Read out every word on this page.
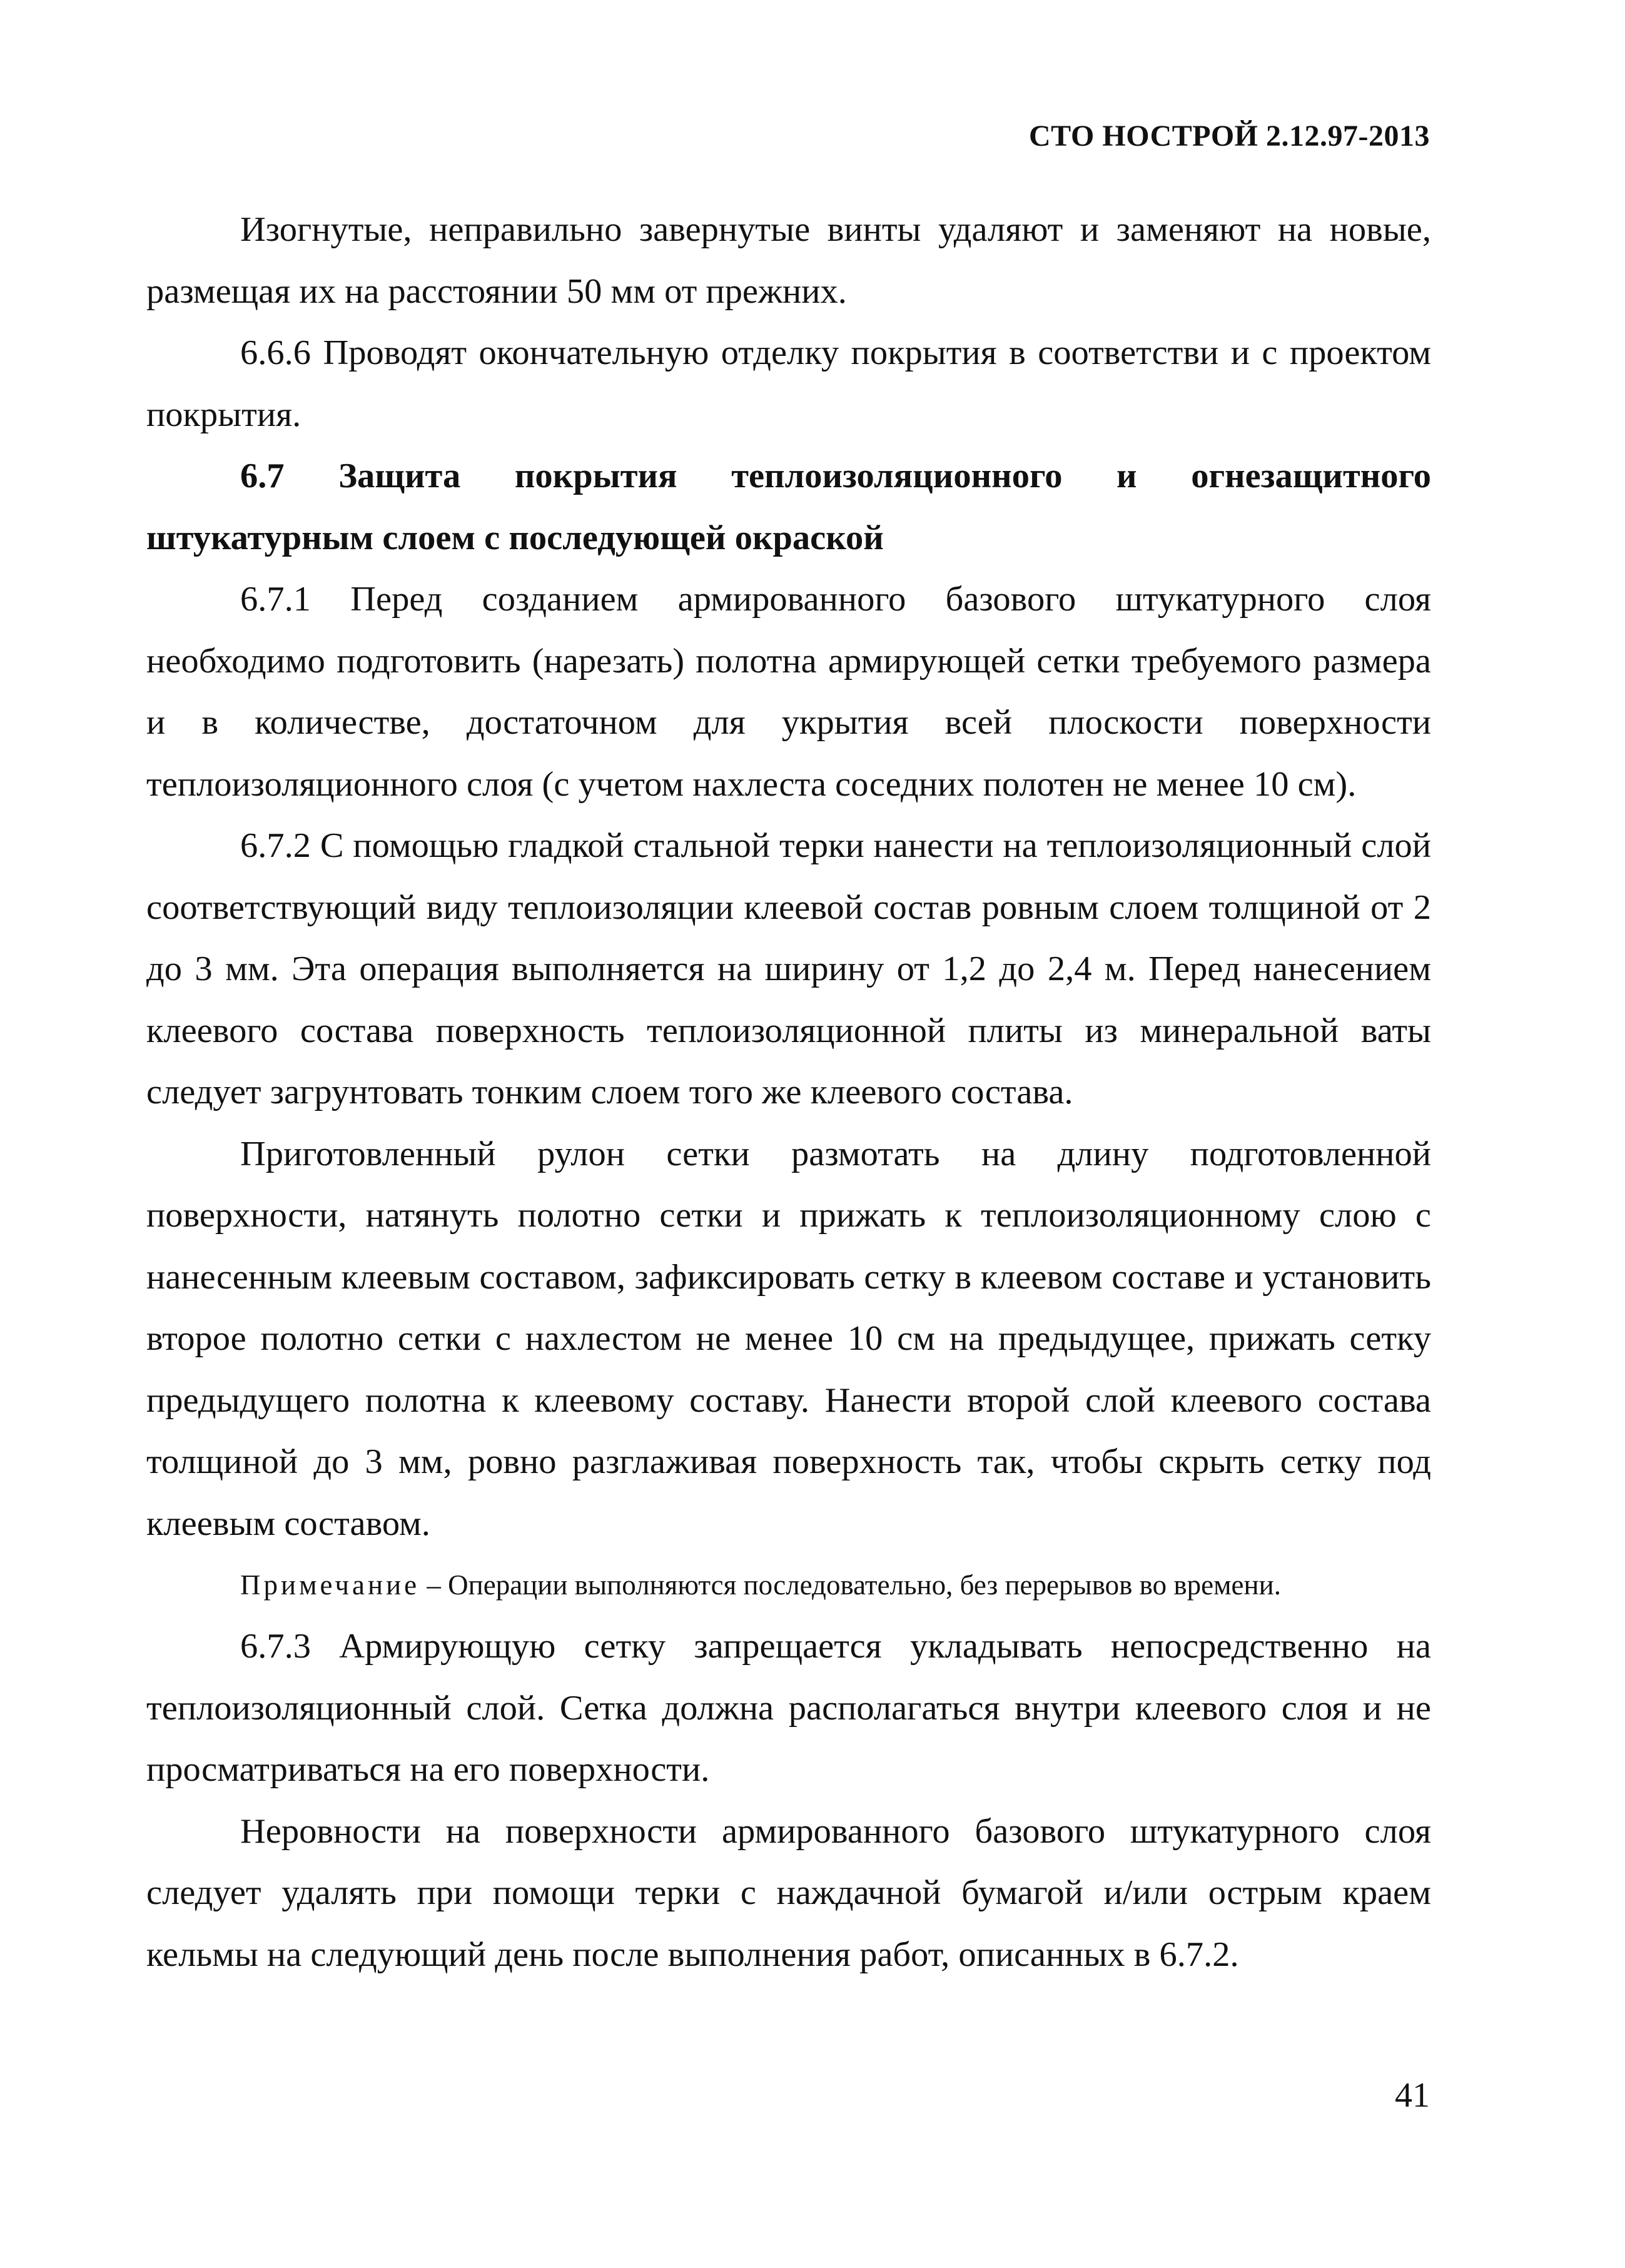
СТО НОСТРОЙ 2.12.97-2013

Изогнутые, неправильно завернутые винты удаляют и заменяют на новые, размещая их на расстоянии 50 мм от прежних.

6.6.6 Проводят окончательную отделку покрытия в соответстви и с проектом покрытия.

6.7 Защита покрытия теплоизоляционного и огнезащитного штукатурным слоем с последующей окраской

6.7.1 Перед созданием армированного базового штукатурного слоя необходимо подготовить (нарезать) полотна армирующей сетки требуемого размера и в количестве, достаточном для укрытия всей плоскости поверхности теплоизоляционного слоя (с учетом нахлеста соседних полотен не менее 10 см).

6.7.2 С помощью гладкой стальной терки нанести на теплоизоляционный слой соответствующий виду теплоизоляции клеевой состав ровным слоем толщиной от 2 до 3 мм. Эта операция выполняется на ширину от 1,2 до 2,4 м. Перед нанесением клеевого состава поверхность теплоизоляционной плиты из минеральной ваты следует загрунтовать тонким слоем того же клеевого состава.

Приготовленный рулон сетки размотать на длину подготовленной поверхности, натянуть полотно сетки и прижать к теплоизоляционному слою с нанесенным клеевым составом, зафиксировать сетку в клеевом составе и установить второе полотно сетки с нахлестом не менее 10 см на предыдущее, прижать сетку предыдущего полотна к клеевому составу. Нанести второй слой клеевого состава толщиной до 3 мм, ровно разглаживая поверхность так, чтобы скрыть сетку под клеевым составом.

Примечание – Операции выполняются последовательно, без перерывов во времени.

6.7.3 Армирующую сетку запрещается укладывать непосредственно на теплоизоляционный слой. Сетка должна располагаться внутри клеевого слоя и не просматриваться на его поверхности.

Неровности на поверхности армированного базового штукатурного слоя следует удалять при помощи терки с наждачной бумагой и/или острым краем кельмы на следующий день после выполнения работ, описанных в 6.7.2.

41
